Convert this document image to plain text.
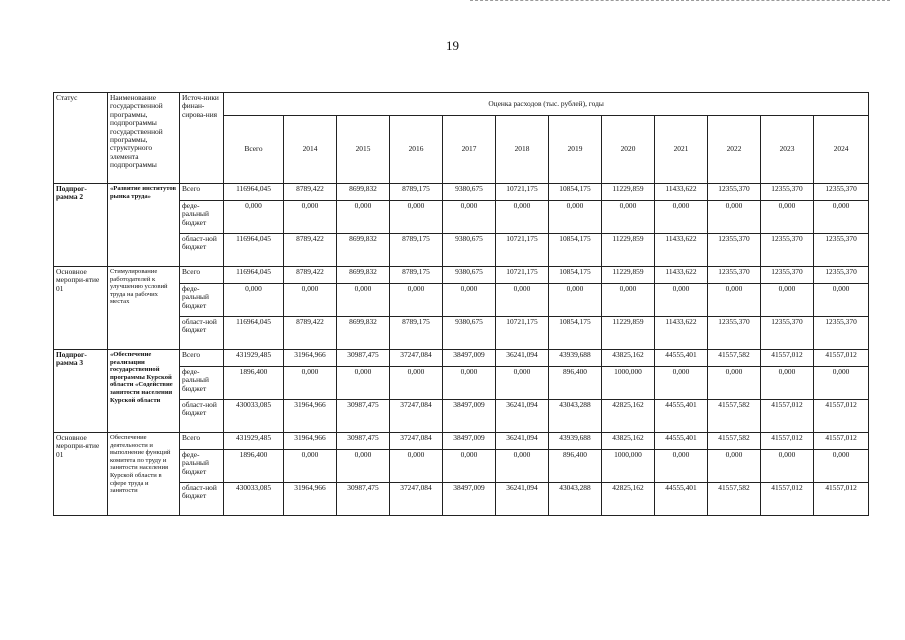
19
Статус	Наименование государственной программы, подпрограммы государственной программы, структурного элемента подпрограммы	Источ-ники финан-сирова-ния	Оценка расходов (тыс. рублей), годы											
			Всего	2014	2015	2016	2017	2018	2019	2020	2021	2022	2023	2024
Подпрог-рамма 2	«Развитие институтов рынка труда»	Всего	116964,045	8789,422	8699,832	8789,175	9380,675	10721,175	10854,175	11229,859	11433,622	12355,370	12355,370	12355,370
		феде-ральный бюджет	0,000	0,000	0,000	0,000	0,000	0,000	0,000	0,000	0,000	0,000	0,000	0,000
		област-ной бюджет	116964,045	8789,422	8699,832	8789,175	9380,675	10721,175	10854,175	11229,859	11433,622	12355,370	12355,370	12355,370
Основное меропри-ятие 01	Стимулирование работодателей к улучшению условий труда на рабочих местах	Всего	116964,045	8789,422	8699,832	8789,175	9380,675	10721,175	10854,175	11229,859	11433,622	12355,370	12355,370	12355,370
		феде-ральный бюджет	0,000	0,000	0,000	0,000	0,000	0,000	0,000	0,000	0,000	0,000	0,000	0,000
		област-ной бюджет	116964,045	8789,422	8699,832	8789,175	9380,675	10721,175	10854,175	11229,859	11433,622	12355,370	12355,370	12355,370
Подпрог-рамма 3	«Обеспечение реализации государственной программы Курской области «Содействие занятости населения Курской области	Всего	431929,485	31964,966	30987,475	37247,084	38497,009	36241,094	43939,688	43825,162	44555,401	41557,582	41557,012	41557,012
		феде-ральный бюджет	1896,400	0,000	0,000	0,000	0,000	0,000	896,400	1000,000	0,000	0,000	0,000	0,000
		област-ной бюджет	430033,085	31964,966	30987,475	37247,084	38497,009	36241,094	43043,288	42825,162	44555,401	41557,582	41557,012	41557,012
Основное меропри-ятие 01	Обеспечение деятельности и выполнение функций комитета по труду и занятости населения Курской области в сфере труда и занятости	Всего	431929,485	31964,966	30987,475	37247,084	38497,009	36241,094	43939,688	43825,162	44555,401	41557,582	41557,012	41557,012
		феде-ральный бюджет	1896,400	0,000	0,000	0,000	0,000	0,000	896,400	1000,000	0,000	0,000	0,000	0,000
		област-ной бюджет	430033,085	31964,966	30987,475	37247,084	38497,009	36241,094	43043,288	42825,162	44555,401	41557,582	41557,012	41557,012
